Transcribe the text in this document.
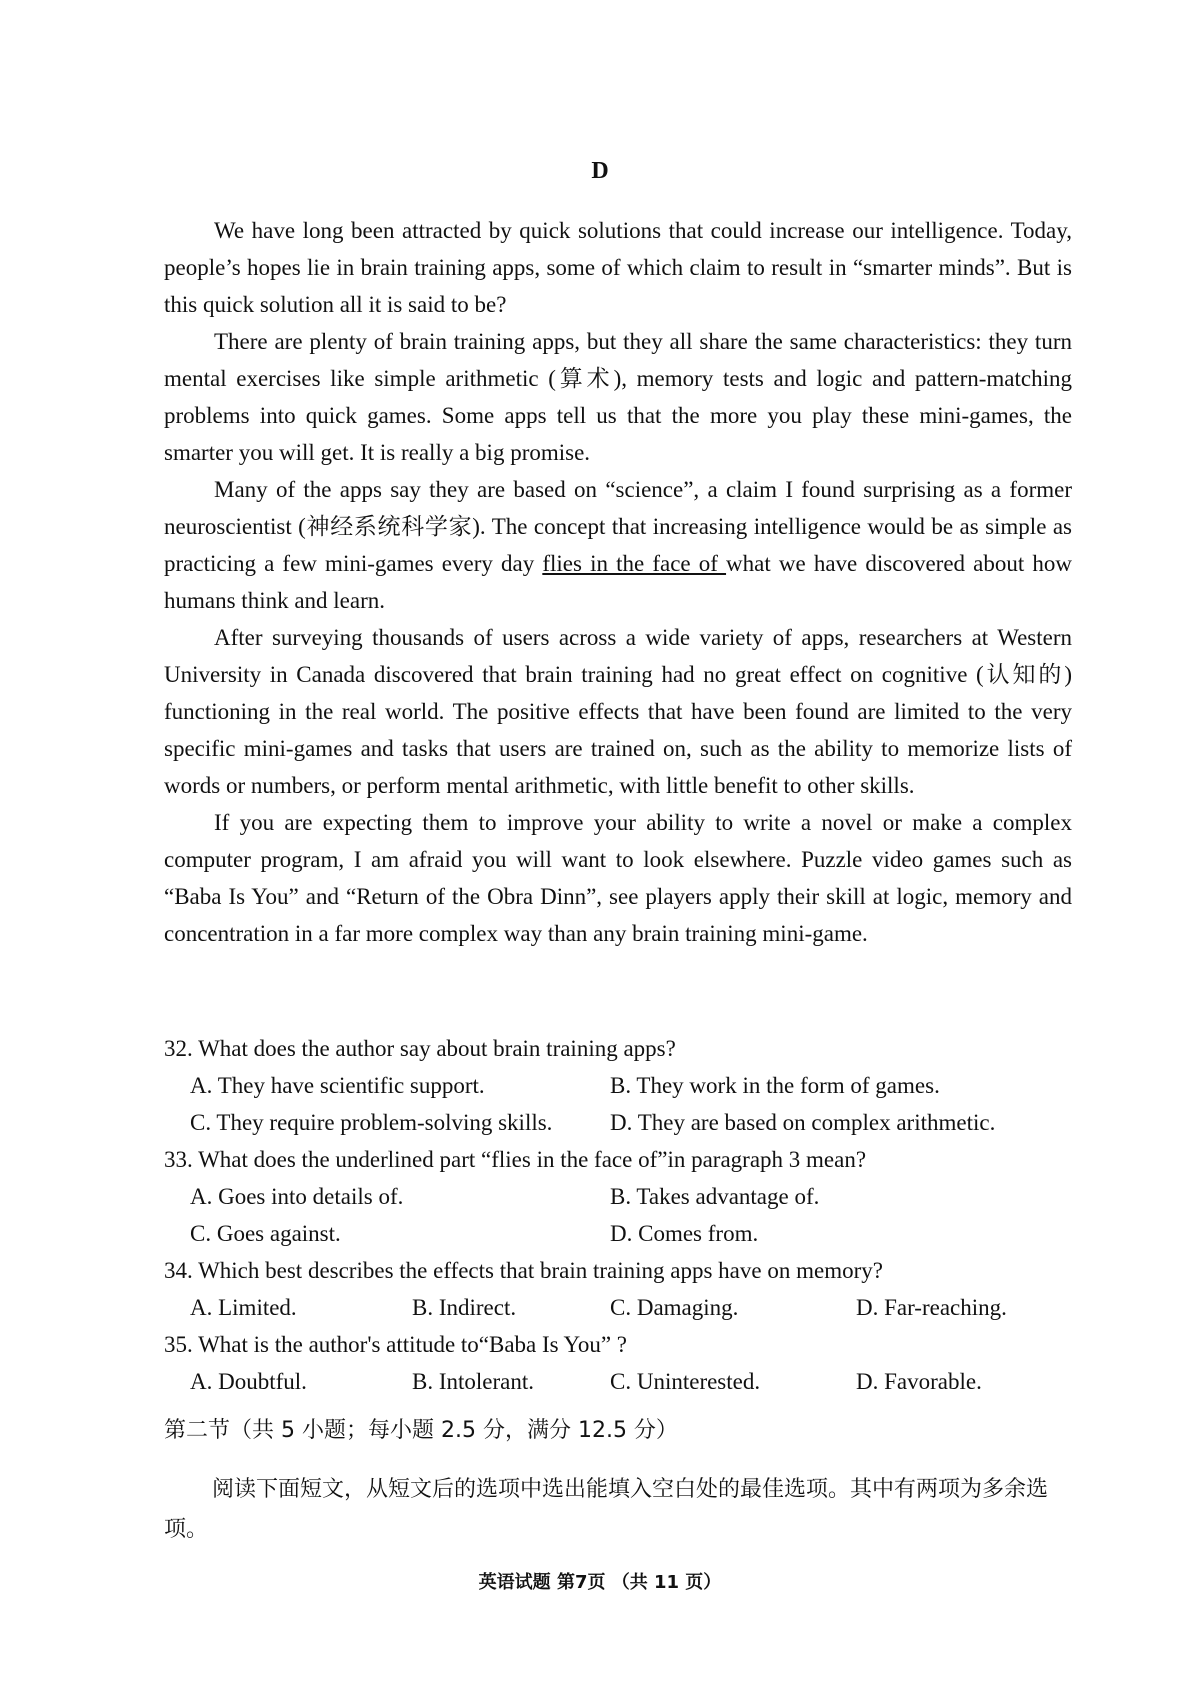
D

We have long been attracted by quick solutions that could increase our intelligence. Today, people’s hopes lie in brain training apps, some of which claim to result in “smarter minds”. But is this quick solution all it is said to be?

There are plenty of brain training apps, but they all share the same characteristics: they turn mental exercises like simple arithmetic (算术), memory tests and logic and pattern-matching problems into quick games. Some apps tell us that the more you play these mini-games, the smarter you will get. It is really a big promise.

Many of the apps say they are based on “science”, a claim I found surprising as a former neuroscientist (神经系统科学家). The concept that increasing intelligence would be as simple as practicing a few mini-games every day flies in the face of what we have discovered about how humans think and learn.

After surveying thousands of users across a wide variety of apps, researchers at Western University in Canada discovered that brain training had no great effect on cognitive (认知的) functioning in the real world. The positive effects that have been found are limited to the very specific mini-games and tasks that users are trained on, such as the ability to memorize lists of words or numbers, or perform mental arithmetic, with little benefit to other skills.

If you are expecting them to improve your ability to write a novel or make a complex computer program, I am afraid you will want to look elsewhere. Puzzle video games such as “Baba Is You” and “Return of the Obra Dinn”, see players apply their skill at logic, memory and concentration in a far more complex way than any brain training mini-game.

32. What does the author say about brain training apps?

A. They have scientific support.	B. They work in the form of games.
C. They require problem-solving skills.	D. They are based on complex arithmetic.

33. What does the underlined part “flies in the face of”in paragraph 3 mean?

A. Goes into details of.	B. Takes advantage of.
C. Goes against.	D. Comes from.

34. Which best describes the effects that brain training apps have on memory?

A. Limited.	B. Indirect.	C. Damaging.	D. Far-reaching.

35. What is the author's attitude to“Baba Is You” ?

A. Doubtful.	B. Intolerant.	C. Uninterested.	D. Favorable.
第二节（共 5 小题；每小题 2.5 分，满分 12.5 分）
阅读下面短文，从短文后的选项中选出能填入空白处的最佳选项。其中有两项为多余选项。
英语试题 第7页 （共 11 页）
